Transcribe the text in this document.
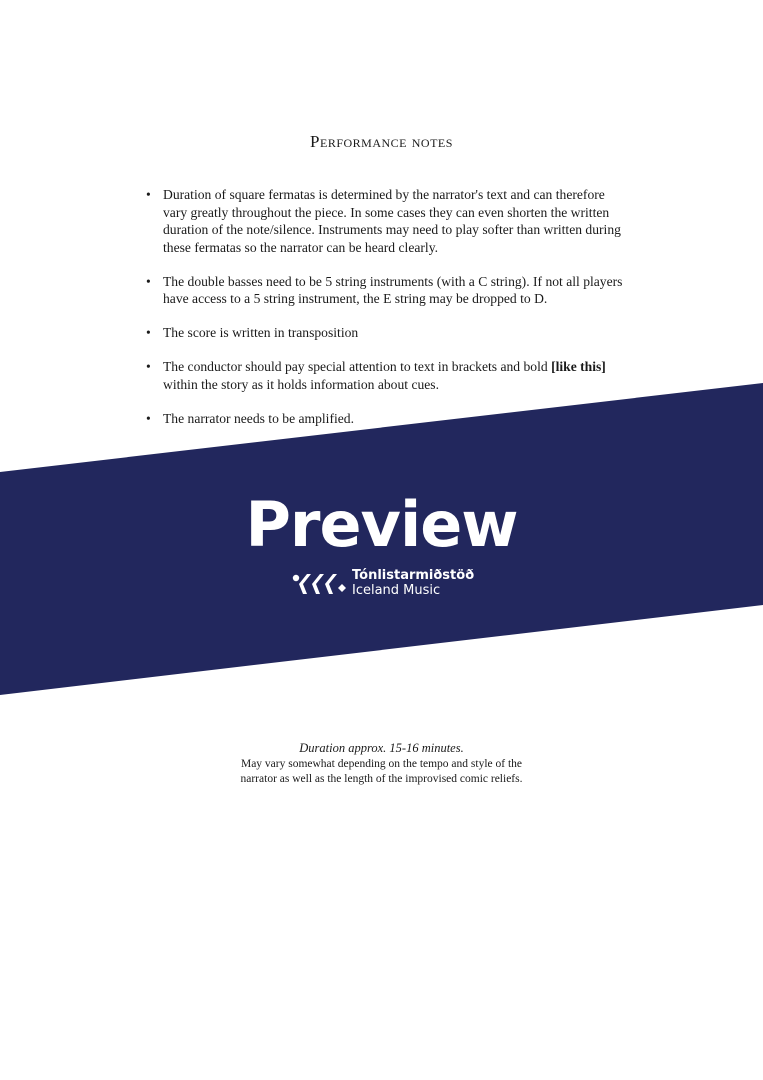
Performance notes
• Duration of square fermatas is determined by the narrator's text and can therefore vary greatly throughout the piece. In some cases they can even shorten the written duration of the note/silence. Instruments may need to play softer than written during these fermatas so the narrator can be heard clearly.
• The double basses need to be 5 string instruments (with a C string). If not all players have access to a 5 string instrument, the E string may be dropped to D.
• The score is written in transposition
• The conductor should pay special attention to text in brackets and bold [like this] within the story as it holds information about cues.
• The narrator needs to be amplified.
Preview
Tónlistarmiðstöð
Iceland Music
Duration approx. 15-16 minutes.
May vary somewhat depending on the tempo and style of the
narrator as well as the length of the improvised comic reliefs.
